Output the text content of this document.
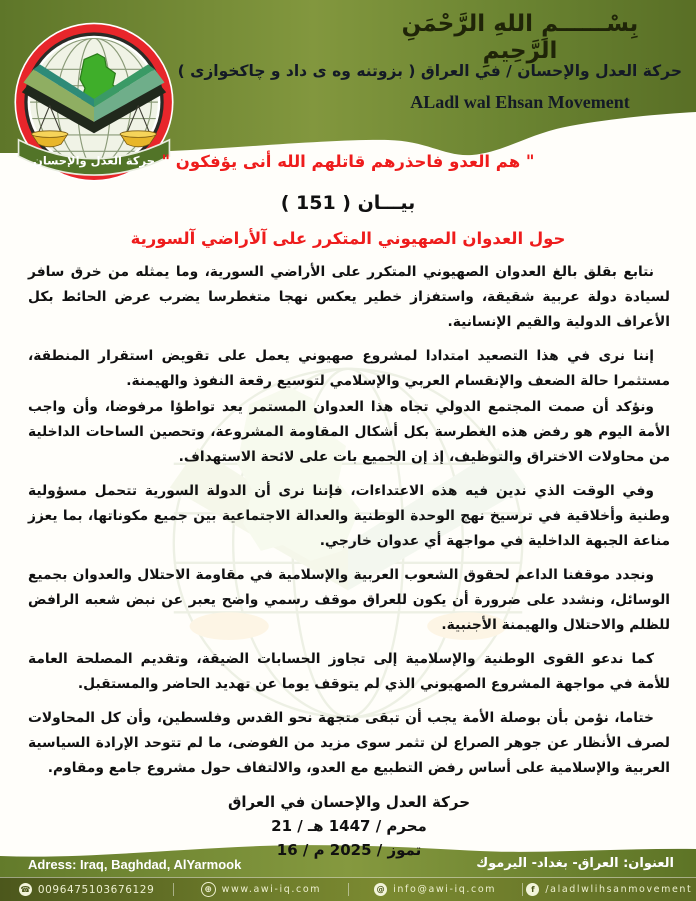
بِسْــــــمِ اللهِ الرَّحْمَنِ الرَّحِيمِ
حركة العدل والإحسان / في العراق ( بزوتنه وه ی داد و چاکخوازی )
ALadl wal Ehsan Movement
حركة العدل والإحسان " هم العدو فاحذرهم قاتلهم الله أنى يؤفكون "
بيـــان ( 151 )
حول العدوان الصهيوني المتكرر على آلأراضي آلسورية

نتابع بقلق بالغ العدوان الصهيوني المتكرر على الأراضي السورية، وما يمثله من خرق سافر لسيادة دولة عربية شقيقة، واستفزاز خطير يعكس نهجا متغطرسا يضرب عرض الحائط بكل الأعراف الدولية والقيم الإنسانية.

إننا نرى في هذا التصعيد امتدادا لمشروع صهيوني يعمل على تقويض استقرار المنطقة، مستثمرا حالة الضعف والإنقسام العربي والإسلامي لتوسيع رقعة النفوذ والهيمنة.

ونؤكد أن صمت المجتمع الدولي تجاه هذا العدوان المستمر يعد تواطؤا مرفوضا، وأن واجب الأمة اليوم هو رفض هذه الغطرسة بكل أشكال المقاومة المشروعة، وتحصين الساحات الداخلية من محاولات الاختراق والتوظيف، إذ إن الجميع بات على لائحة الاستهداف.

وفي الوقت الذي ندين فيه هذه الاعتداءات، فإننا نرى أن الدولة السورية تتحمل مسؤولية وطنية وأخلاقية في ترسيخ نهج الوحدة الوطنية والعدالة الاجتماعية بين جميع مكوناتها، بما يعزز مناعة الجبهة الداخلية في مواجهة أي عدوان خارجي.

ونجدد موقفنا الداعم لحقوق الشعوب العربية والإسلامية في مقاومة الاحتلال والعدوان بجميع الوسائل، ونشدد على ضرورة أن يكون للعراق موقف رسمي واضح يعبر عن نبض شعبه الرافض للظلم والاحتلال والهيمنة الأجنبية.

كما ندعو القوى الوطنية والإسلامية إلى تجاوز الحسابات الضيقة، وتقديم المصلحة العامة للأمة في مواجهة المشروع الصهيوني الذي لم يتوقف يوما عن تهديد الحاضر والمستقبل.

ختاما، نؤمن بأن بوصلة الأمة يجب أن تبقى متجهة نحو القدس وفلسطين، وأن كل المحاولات لصرف الأنظار عن جوهر الصراع لن تثمر سوى مزيد من الفوضى، ما لم تتوحد الإرادة السياسية العربية والإسلامية على أساس رفض التطبيع مع العدو، والالتفاف حول مشروع جامع ومقاوم.

حركة العدل والإحسان في العراق
21 / محرم / 1447 هـ
16 / تموز / 2025 م
Adress: Iraq, Baghdad, AlYarmook	العنوان: العراق- بغداد- اليرموك
☎ 0096475103676129	⊕	www.awi-iq.com	@ info@awi-iq.com	f	/aladlwlihsanmovement
